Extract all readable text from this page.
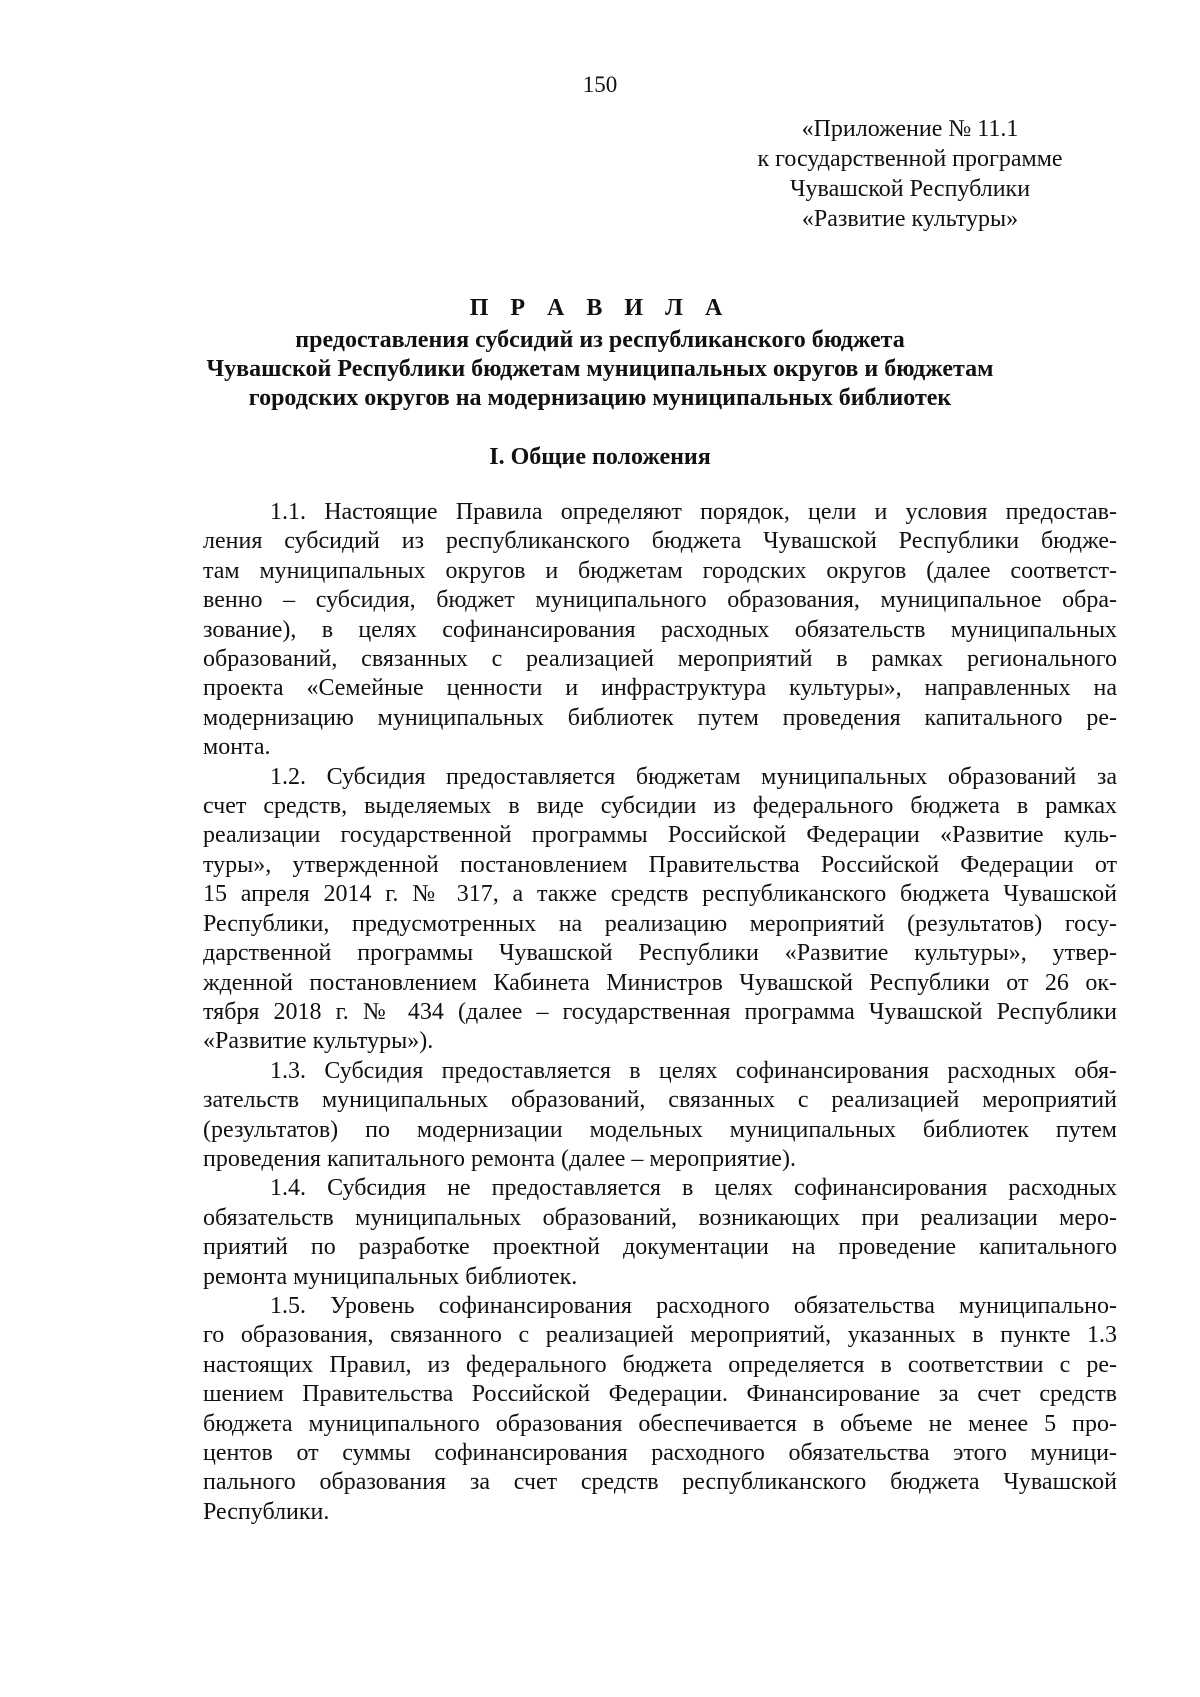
150
«Приложение № 11.1
к государственной программе
Чувашской Республики
«Развитие культуры»
П Р А В И Л А
предоставления субсидий из республиканского бюджета
Чувашской Республики бюджетам муниципальных округов и бюджетам
городских округов на модернизацию муниципальных библиотек
I. Общие положения
1.1. Настоящие Правила определяют порядок, цели и условия предостав-
ления субсидий из республиканского бюджета Чувашской Республики бюдже-
там муниципальных округов и бюджетам городских округов (далее соответст-
венно – субсидия, бюджет муниципального образования, муниципальное обра-
зование), в целях софинансирования расходных обязательств муниципальных
образований, связанных с реализацией мероприятий в рамках регионального
проекта «Семейные ценности и инфраструктура культуры», направленных на
модернизацию муниципальных библиотек путем проведения капитального ре-
монта.
1.2. Субсидия предоставляется бюджетам муниципальных образований за
счет средств, выделяемых в виде субсидии из федерального бюджета в рамках
реализации государственной программы Российской Федерации «Развитие куль-
туры», утвержденной постановлением Правительства Российской Федерации от
15 апреля 2014 г. № 317, а также средств республиканского бюджета Чувашской
Республики, предусмотренных на реализацию мероприятий (результатов) госу-
дарственной программы Чувашской Республики «Развитие культуры», утвер-
жденной постановлением Кабинета Министров Чувашской Республики от 26 ок-
тября 2018 г. № 434 (далее – государственная программа Чувашской Республики
«Развитие культуры»).
1.3. Субсидия предоставляется в целях софинансирования расходных обя-
зательств муниципальных образований, связанных с реализацией мероприятий
(результатов) по модернизации модельных муниципальных библиотек путем
проведения капитального ремонта (далее – мероприятие).
1.4. Субсидия не предоставляется в целях софинансирования расходных
обязательств муниципальных образований, возникающих при реализации меро-
приятий по разработке проектной документации на проведение капитального
ремонта муниципальных библиотек.
1.5. Уровень софинансирования расходного обязательства муниципально-
го образования, связанного с реализацией мероприятий, указанных в пункте 1.3
настоящих Правил, из федерального бюджета определяется в соответствии с ре-
шением Правительства Российской Федерации. Финансирование за счет средств
бюджета муниципального образования обеспечивается в объеме не менее 5 про-
центов от суммы софинансирования расходного обязательства этого муници-
пального образования за счет средств республиканского бюджета Чувашской
Республики.
